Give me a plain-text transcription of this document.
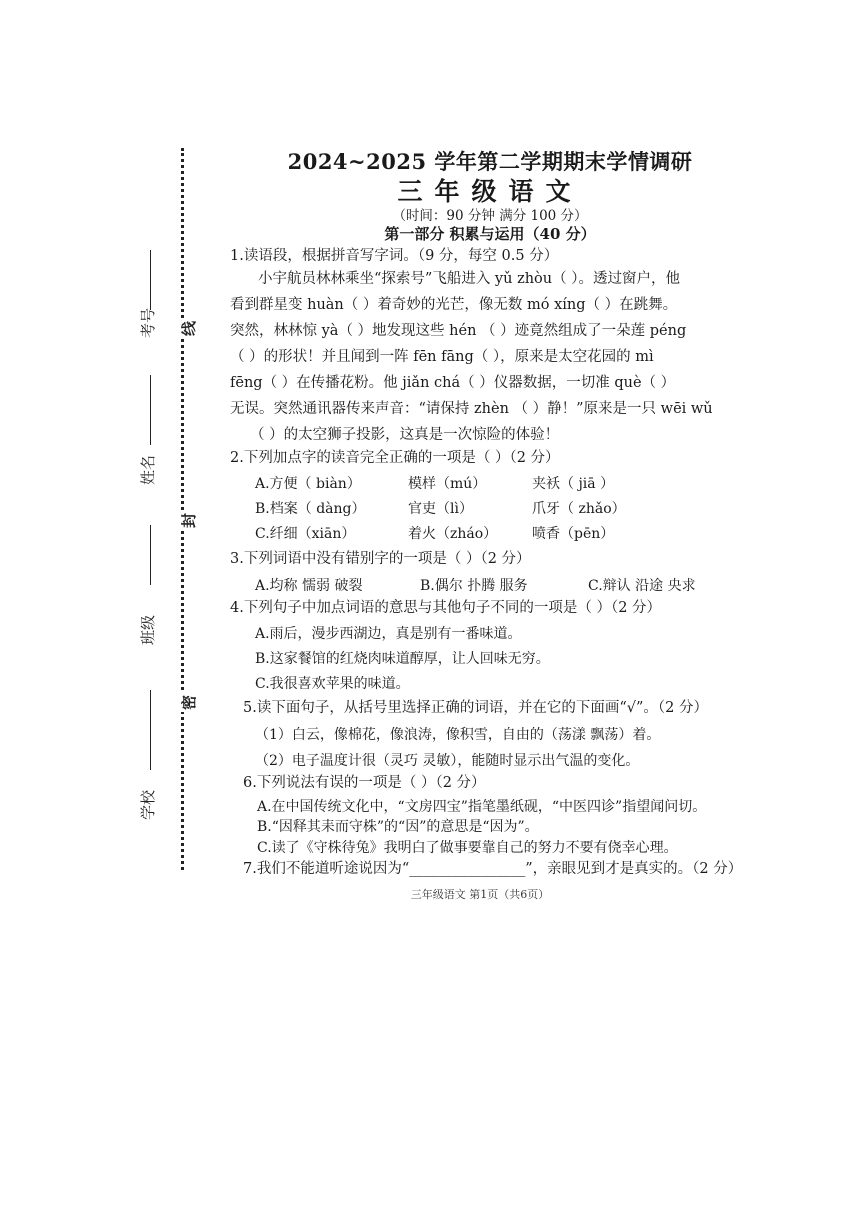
考号
姓名
班级
学校
线
封
密
2024~2025 学年第二学期期末学情调研
三年级语文
（时间：90 分钟 满分 100 分）
第一部分 积累与运用（40 分）
1.读语段，根据拼音写字词。（9 分，每空 0.5 分）
小宇航员林林乘坐“探索号”飞船进入 yǔ zhòu（ ）。透过窗户，他
看到群星变 huàn（ ）着奇妙的光芒，像无数 mó xíng（ ）在跳舞。
突然，林林惊 yà（ ）地发现这些 hén （ ）迹竟然组成了一朵莲 péng
（ ）的形状！并且闻到一阵 fēn fāng（ ），原来是太空花园的 mì
fēng（ ）在传播花粉。他 jiǎn chá（ ）仪器数据，一切准 què（ ）
无误。突然通讯器传来声音：“请保持 zhèn （ ）静！”原来是一只 wēi wǔ
（ ）的太空狮子投影，这真是一次惊险的体验！
2.下列加点字的读音完全正确的一项是（ ）（2 分）
A.方便（ biàn）	模样（mú）	夹袄（ jiā ）
B.档案（ dàng）	官吏（lì）	爪牙（ zhǎo）
C.纤细（xiān）	着火（zháo） 喷香（pēn）
3.下列词语中没有错别字的一项是（ ）（2 分）
A.均称 懦弱 破裂	B.偶尔 扑腾 服务	C.辩认 沿途 央求
4.下列句子中加点词语的意思与其他句子不同的一项是（ ）（2 分）
A.雨后，漫步西湖边，真是别有一番味道。
B.这家餐馆的红烧肉味道醇厚，让人回味无穷。
C.我很喜欢苹果的味道。
5.读下面句子，从括号里选择正确的词语，并在它的下面画“√”。（2 分）
（1）白云，像棉花，像浪涛，像积雪，自由的（荡漾 飘荡）着。
（2）电子温度计很（灵巧 灵敏），能随时显示出气温的变化。
6.下列说法有误的一项是（ ）（2 分）
A.在中国传统文化中，“文房四宝”指笔墨纸砚，“中医四诊”指望闻问切。
B.“因释其耒而守株”的“因”的意思是“因为”。
C.读了《守株待兔》我明白了做事要靠自己的努力不要有侥幸心理。
7.我们不能道听途说因为“________________”，亲眼见到才是真实的。（2 分）
三年级语文 第1页（共6页）
